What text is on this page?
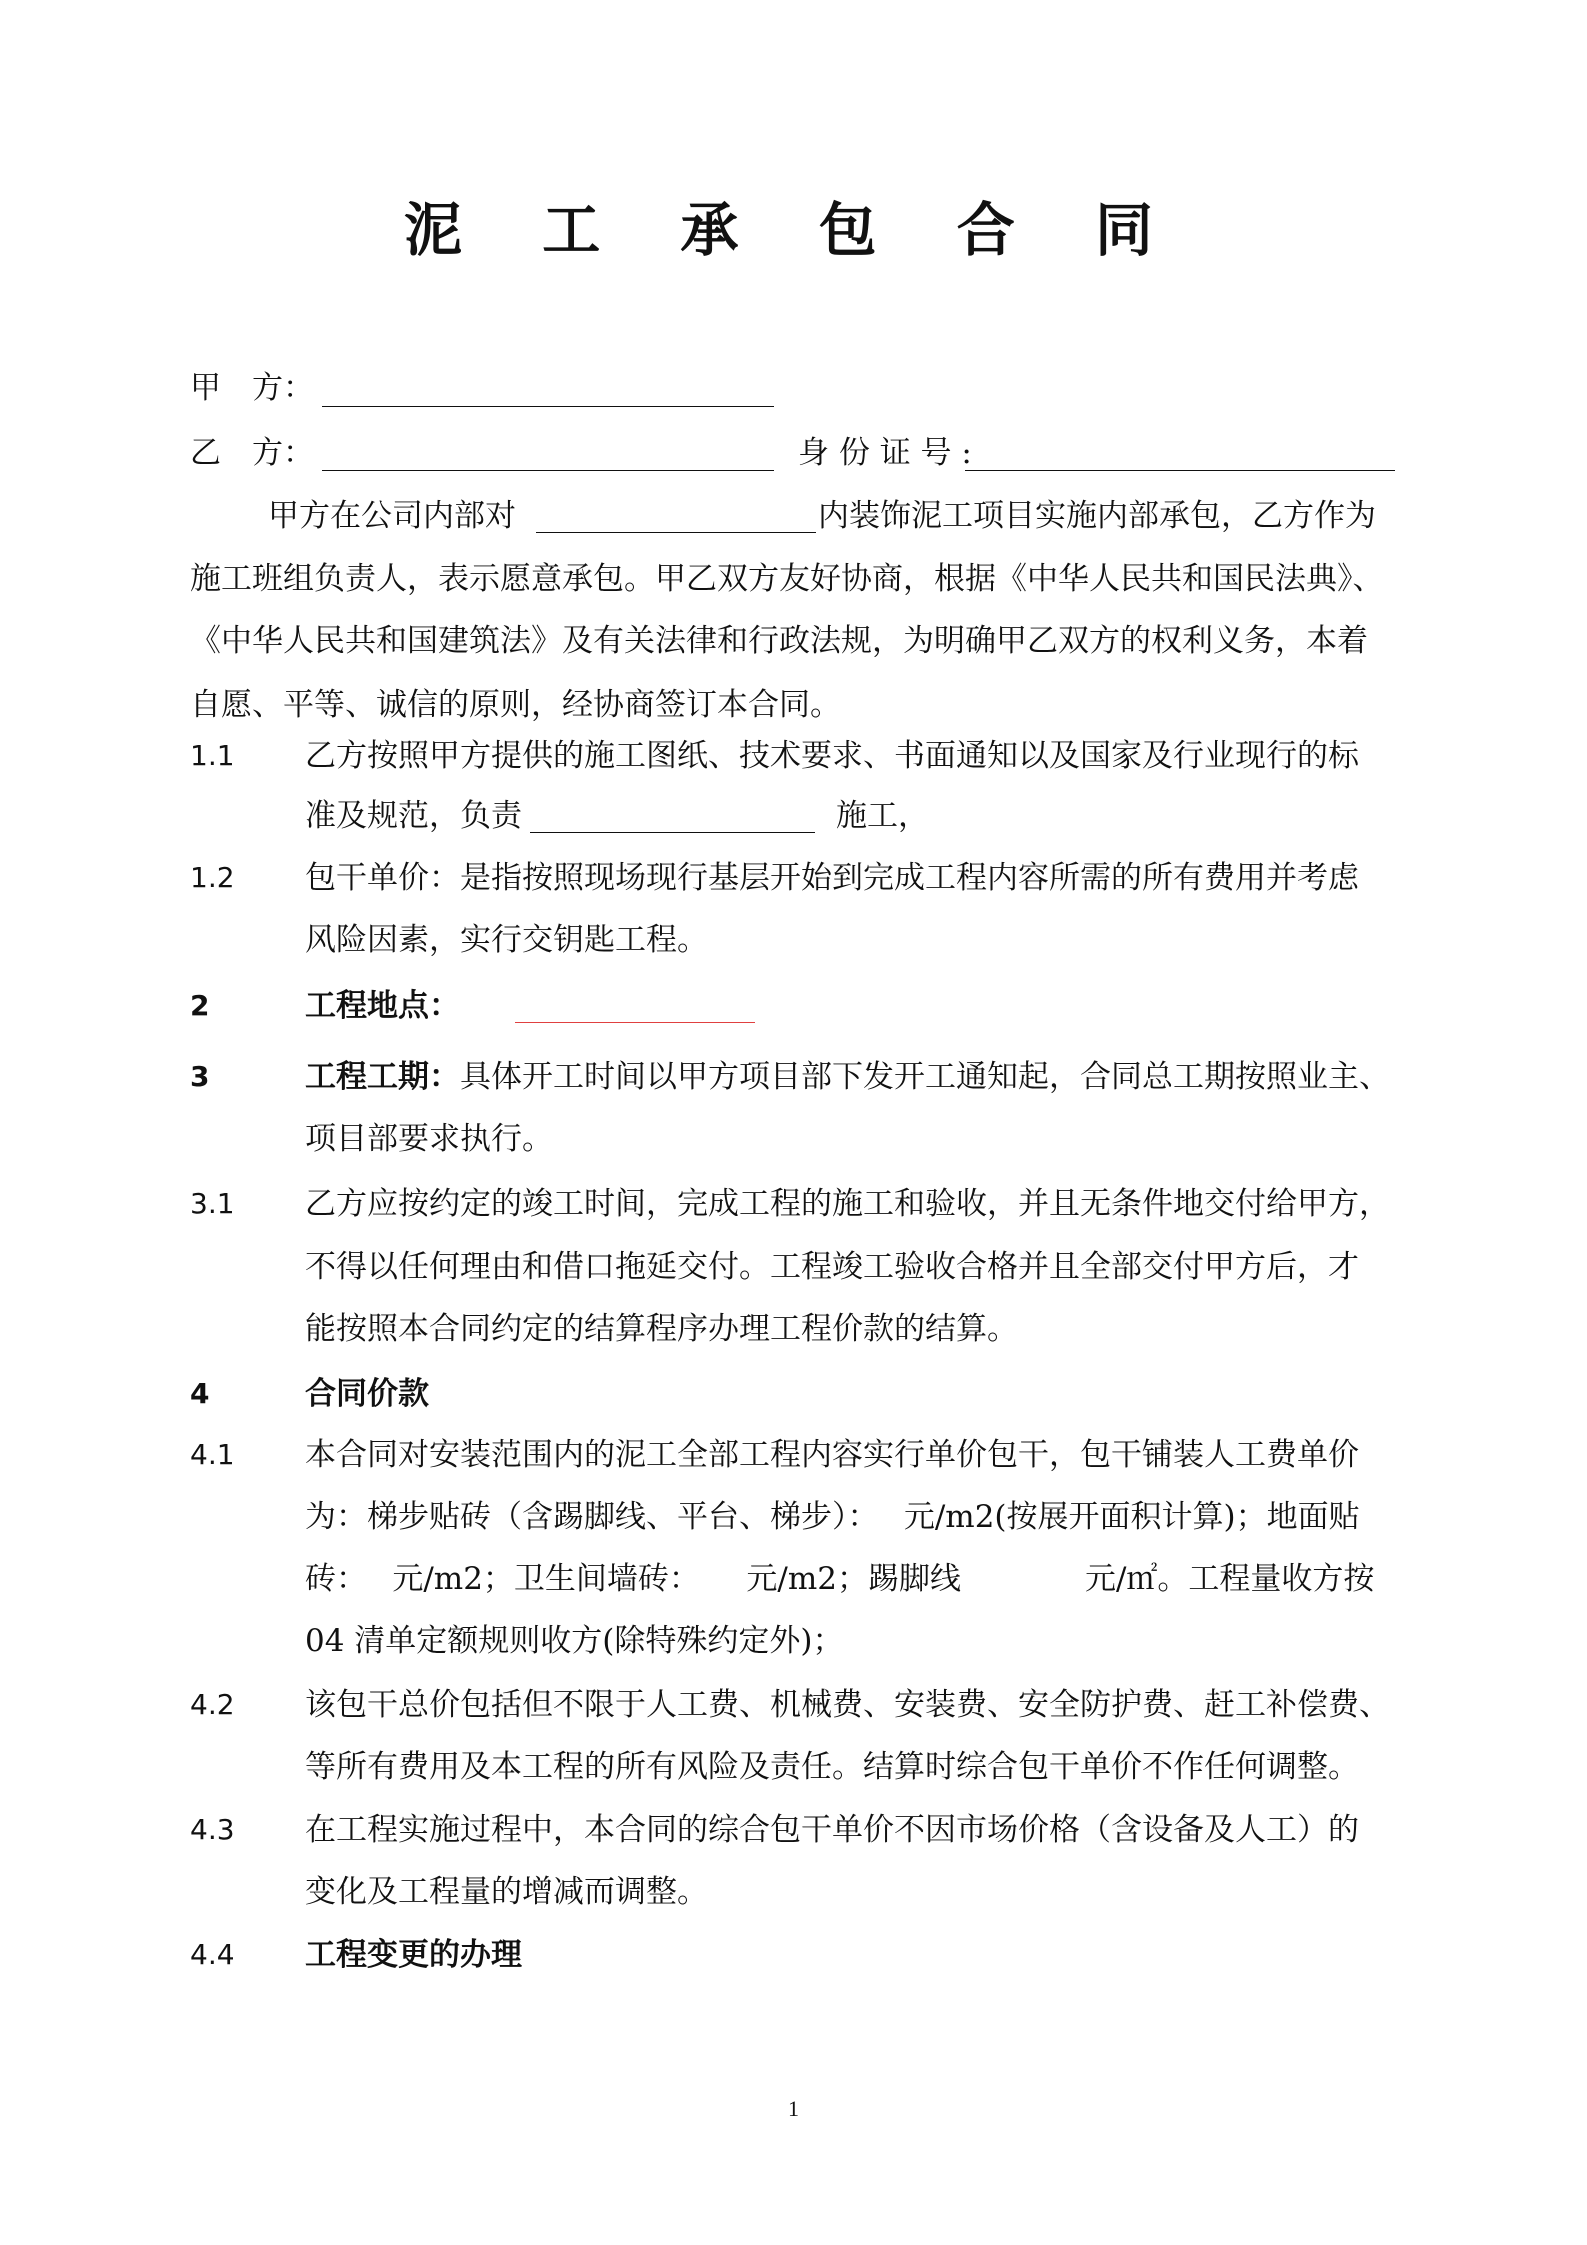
泥 工 承 包 合 同
甲　方：
乙　方：	身 份 证 号 :
甲方在公司内部对	内装饰泥工项目实施内部承包，乙方作为
施工班组负责人，表示愿意承包。甲乙双方友好协商，根据《中华人民共和国民法典》、
《中华人民共和国建筑法》及有关法律和行政法规，为明确甲乙双方的权利义务，本着
自愿、平等、诚信的原则，经协商签订本合同。
1.1 乙方按照甲方提供的施工图纸、技术要求、书面通知以及国家及行业现行的标
准及规范，负责	施工，
1.2 包干单价：是指按照现场现行基层开始到完成工程内容所需的所有费用并考虑
风险因素，实行交钥匙工程。
2	工程地点：
3	工程工期：具体开工时间以甲方项目部下发开工通知起，合同总工期按照业主、
项目部要求执行。
3.1 乙方应按约定的竣工时间，完成工程的施工和验收，并且无条件地交付给甲方，
不得以任何理由和借口拖延交付。工程竣工验收合格并且全部交付甲方后，才
能按照本合同约定的结算程序办理工程价款的结算。
4	合同价款
4.1 本合同对安装范围内的泥工全部工程内容实行单价包干，包干铺装人工费单价
为：梯步贴砖（含踢脚线、平台、梯步）：　 元/m2(按展开面积计算)；地面贴
砖：　 元/m2；卫生间墙砖：　　元/m2；踢脚线　　　　元/㎡。工程量收方按
04 清单定额规则收方(除特殊约定外)；
4.2 该包干总价包括但不限于人工费、机械费、安装费、安全防护费、赶工补偿费、
等所有费用及本工程的所有风险及责任。结算时综合包干单价不作任何调整。
4.3 在工程实施过程中，本合同的综合包干单价不因市场价格（含设备及人工）的
变化及工程量的增减而调整。
4.4 工程变更的办理
1
